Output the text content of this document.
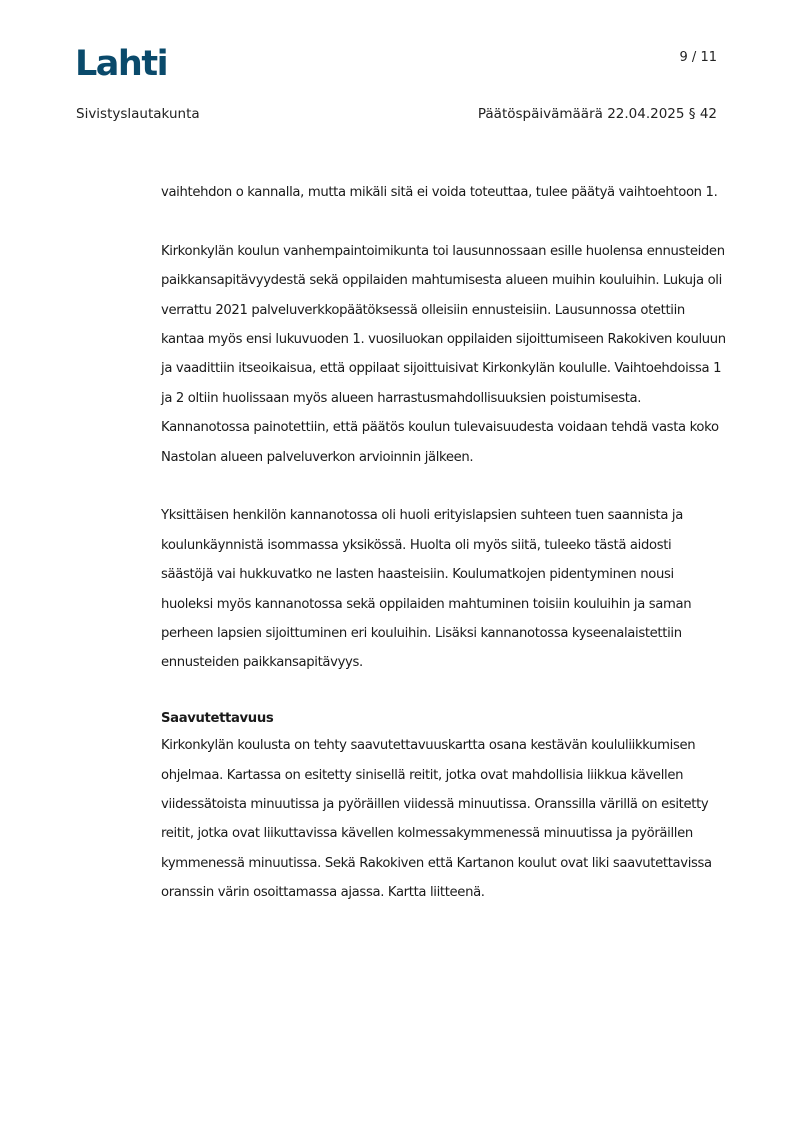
Lahti	9 / 11
Sivistyslautakunta	Päätöspäivämäärä 22.04.2025 § 42

vaihtehdon o kannalla, mutta mikäli sitä ei voida toteuttaa, tulee päätyä vaihtoehtoon 1.

Kirkonkylän koulun vanhempaintoimikunta toi lausunnossaan esille huolensa ennusteiden paikkansapitävyydestä sekä oppilaiden mahtumisesta alueen muihin kouluihin. Lukuja oli verrattu 2021 palveluverkkopäätöksessä olleisiin ennusteisiin. Lausunnossa otettiin kantaa myös ensi lukuvuoden 1. vuosiluokan oppilaiden sijoittumiseen Rakokiven kouluun ja vaadittiin itseoikaisua, että oppilaat sijoittuisivat Kirkonkylän koululle. Vaihtoehdoissa 1 ja 2 oltiin huolissaan myös alueen harrastusmahdollisuuksien poistumisesta. Kannanotossa painotettiin, että päätös koulun tulevaisuudesta voidaan tehdä vasta koko Nastolan alueen palveluverkon arvioinnin jälkeen.

Yksittäisen henkilön kannanotossa oli huoli erityislapsien suhteen tuen saannista ja koulunkäynnistä isommassa yksikössä. Huolta oli myös siitä, tuleeko tästä aidosti säästöjä vai hukkuvatko ne lasten haasteisiin. Koulumatkojen pidentyminen nousi huoleksi myös kannanotossa sekä oppilaiden mahtuminen toisiin kouluihin ja saman perheen lapsien sijoittuminen eri kouluihin. Lisäksi kannanotossa kyseenalaistettiin ennusteiden paikkansapitävyys.

Saavutettavuus

Kirkonkylän koulusta on tehty saavutettavuuskartta osana kestävän koululiikkumisen ohjelmaa. Kartassa on esitetty sinisellä reitit, jotka ovat mahdollisia liikkua kävellen viidessätoista minuutissa ja pyöräillen viidessä minuutissa. Oranssilla värillä on esitetty reitit, jotka ovat liikuttavissa kävellen kolmessakymmenessä minuutissa ja pyöräillen kymmenessä minuutissa. Sekä Rakokiven että Kartanon koulut ovat liki saavutettavissa oranssin värin osoittamassa ajassa. Kartta liitteenä.
